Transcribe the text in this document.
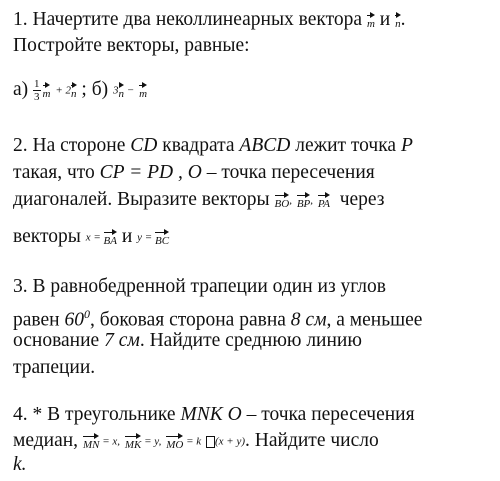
1. Начертите два неколлинеарных вектора m и n.
Постройте векторы, равные:
$а) \frac{1}{3}$ m + 2n ; б) 3n − m
2. На стороне CD квадрата ABCD лежит точка P
такая, что CP = PD , O – точка пересечения
диагоналей. Выразите векторы BO, BP, PA через
векторы x = BA и y = BC
3. В равнобедренной трапеции один из углов
равен $60^0$, боковая сторона равна 8 см, а меньшее
основание 7 см. Найдите среднюю линию
трапеции.
4. * В треугольнике MNK O – точка пересечения
медиан, MN = x, MK = y, MO = k (x + y). Найдите число
k.
